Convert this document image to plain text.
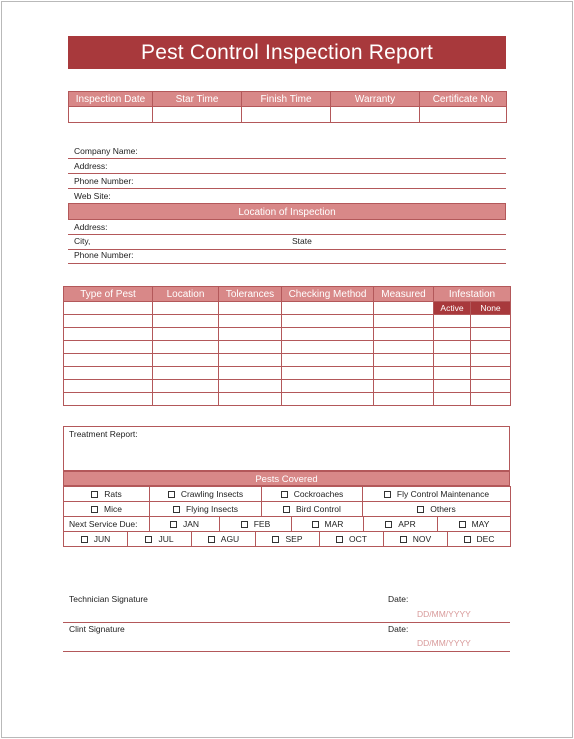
Pest Control Inspection Report
Inspection Date	Star Time	Finish Time	Warranty	Certificate No

Company Name:
Address:
Phone Number:
Web Site:
Location of Inspection
Address:
City,	State
Phone Number:
Type of Pest	Location	Tolerances	Checking Method	Measured	Infestation	
					Active	None

Treatment Report:
Pests Covered
Rats	Crawling Insects	Cockroaches	Fly Control Maintenance
Mice	Flying Insects	Bird Control	Others
Next Service Due:	JAN	FEB	MAR	APR	MAY
JUN	JUL	AGU	SEP	OCT	NOV	DEC
Technician Signature	Date:
DD/MM/YYYY
Clint Signature	Date:
DD/MM/YYYY
